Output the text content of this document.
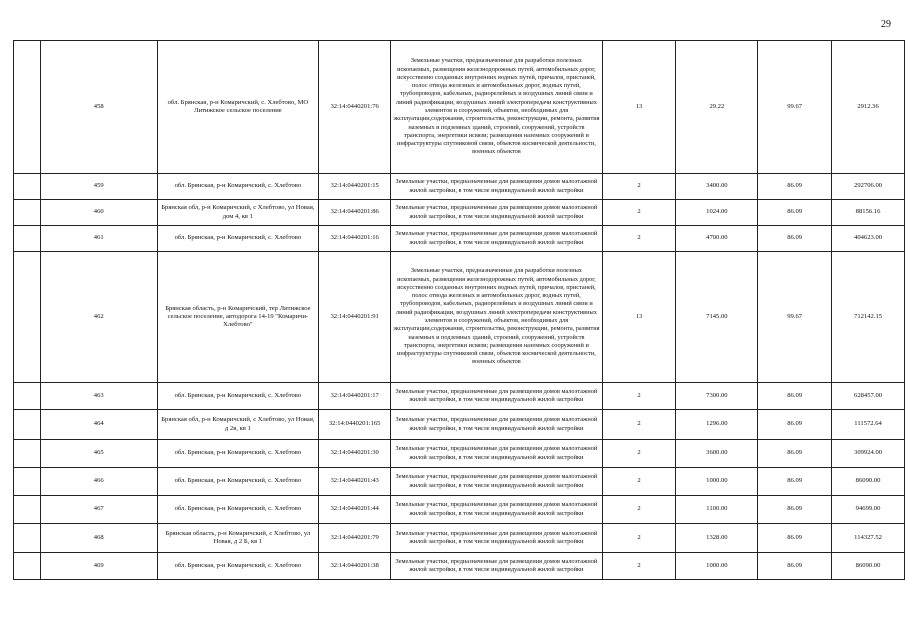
29
	458	обл. Брянская, р-н Комаричский, с. Хлебтово, МО Литижское сельское поселение	32:14:0440201:76	Земельные участки, предназначенные для разработки полезных ископаемых, размещения железнодорожных путей, автомобильных дорог, искусственно созданных внутренних водных путей, причалов, пристаней, полос отвода железных и автомобильных дорог, водных путей, трубопроводов, кабельных, радиорелейных и воздушных линий связи и линий радиофикации, воздушных линий электропередачи конструктивных элементов и сооружений, объектов, необходимых для эксплуатации,содержания, строительства, реконструкции, ремонта, развития наземных и подземных зданий, строений, сооружений, устройств транспорта, энергетики исвязи; размещения наземных сооружений и инфраструктуры спутниковой связи, объектов космической деятельности, военных объектов	13	29.22	99.67	2912.36
	459	обл. Брянская, р-н Комаричский, с. Хлебтово	32:14:0440201:15	Земельные участки, предназначенные для размещения домов малоэтажной жилой застройки, в том числе индивидуальной жилой застройки	2	3400.00	86.09	292706.00
	460	Брянская обл, р-н Комаричский, с Хлебтово, ул Новая, дом 4, кв 1	32:14:0440201:86	Земельные участки, предназначенные для размещения домов малоэтажной жилой застройки, в том числе индивидуальной жилой застройки	2	1024.00	86.09	88156.16
	461	обл. Брянская, р-н Комаричский, с. Хлебтово	32:14:0440201:16	Земельные участки, предназначенные для размещения домов малоэтажной жилой застройки, в том числе индивидуальной жилой застройки	2	4700.00	86.09	404623.00
	462	Брянская область, р-н Комаричский, тер Литижское сельское поселение, автодорога 14-19 "Комаричи-Хлебтово"	32:14:0440201:91	Земельные участки, предназначенные для разработки полезных ископаемых, размещения железнодорожных путей, автомобильных дорог, искусственно созданных внутренних водных путей, причалов, пристаней, полос отвода железных и автомобильных дорог, водных путей, трубопроводов, кабельных, радиорелейных и воздушных линий связи и линий радиофикации, воздушных линий электропередачи конструктивных элементов и сооружений, объектов, необходимых для эксплуатации,содержания, строительства, реконструкции, ремонта, развития наземных и подземных зданий, строений, сооружений, устройств транспорта, энергетики исвязи; размещения наземных сооружений и инфраструктуры спутниковой связи, объектов космической деятельности, военных объектов	13	7145.00	99.67	712142.15
	463	обл. Брянская, р-н Комаричский, с. Хлебтово	32:14:0440201:17	Земельные участки, предназначенные для размещения домов малоэтажной жилой застройки, в том числе индивидуальной жилой застройки	2	7300.00	86.09	628457.00
	464	Брянская обл, р-н Комаричский, с Хлебтово, ул Новая, д 2в, кв 1	32:14:0440201:165	Земельные участки, предназначенные для размещения домов малоэтажной жилой застройки, в том числе индивидуальной жилой застройки	2	1296.00	86.09	111572.64
	465	обл. Брянская, р-н Комаричский, с. Хлебтово	32:14:0440201:30	Земельные участки, предназначенные для размещения домов малоэтажной жилой застройки, в том числе индивидуальной жилой застройки	2	3600.00	86.09	309924.00
	466	обл. Брянская, р-н Комаричский, с. Хлебтово	32:14:0440201:43	Земельные участки, предназначенные для размещения домов малоэтажной жилой застройки, в том числе индивидуальной жилой застройки	2	1000.00	86.09	86090.00
	467	обл. Брянская, р-н Комаричский, с. Хлебтово	32:14:0440201:44	Земельные участки, предназначенные для размещения домов малоэтажной жилой застройки, в том числе индивидуальной жилой застройки	2	1100.00	86.09	94699.00
	468	Брянская область, р-н Комаричский, с Хлебтово, ул Новая, д 2 Б, кв 1	32:14:0440201:79	Земельные участки, предназначенные для размещения домов малоэтажной жилой застройки, в том числе индивидуальной жилой застройки	2	1328.00	86.09	114327.52
	469	обл. Брянская, р-н Комаричский, с. Хлебтово	32:14:0440201:38	Земельные участки, предназначенные для размещения домов малоэтажной жилой застройки, в том числе индивидуальной жилой застройки	2	1000.00	86.09	86090.00
